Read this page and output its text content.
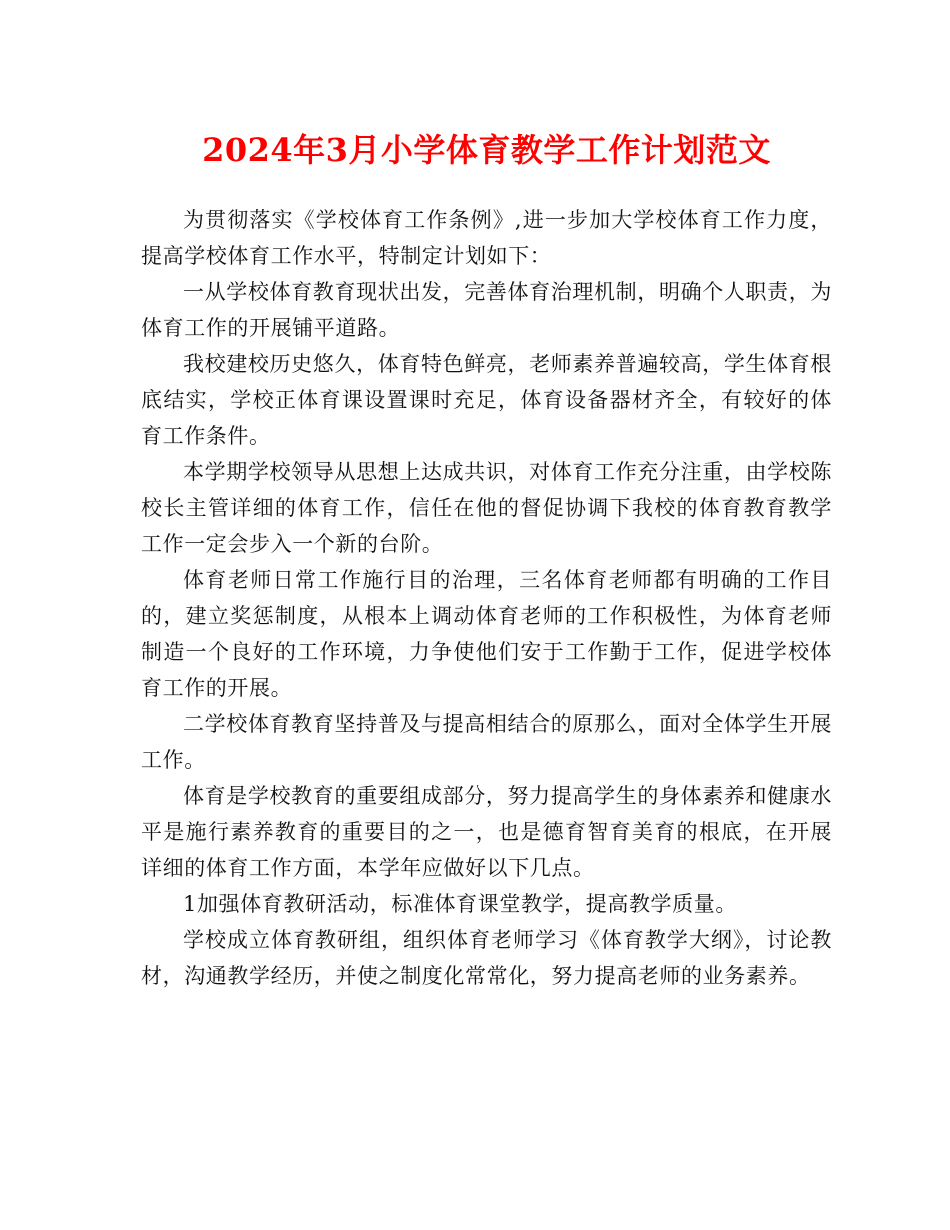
2024年3月小学体育教学工作计划范文

为贯彻落实《学校体育工作条例》,进一步加大学校体育工作力度，提高学校体育工作水平，特制定计划如下：

一从学校体育教育现状出发，完善体育治理机制，明确个人职责，为体育工作的开展铺平道路。

我校建校历史悠久，体育特色鲜亮，老师素养普遍较高，学生体育根底结实，学校正体育课设置课时充足，体育设备器材齐全，有较好的体育工作条件。

本学期学校领导从思想上达成共识，对体育工作充分注重，由学校陈校长主管详细的体育工作，信任在他的督促协调下我校的体育教育教学工作一定会步入一个新的台阶。

体育老师日常工作施行目的治理，三名体育老师都有明确的工作目的，建立奖惩制度，从根本上调动体育老师的工作积极性，为体育老师制造一个良好的工作环境，力争使他们安于工作勤于工作，促进学校体育工作的开展。

二学校体育教育坚持普及与提高相结合的原那么，面对全体学生开展工作。

体育是学校教育的重要组成部分，努力提高学生的身体素养和健康水平是施行素养教育的重要目的之一，也是德育智育美育的根底，在开展详细的体育工作方面，本学年应做好以下几点。

1加强体育教研活动，标准体育课堂教学，提高教学质量。

学校成立体育教研组，组织体育老师学习《体育教学大纲》，讨论教材，沟通教学经历，并使之制度化常常化，努力提高老师的业务素养。
